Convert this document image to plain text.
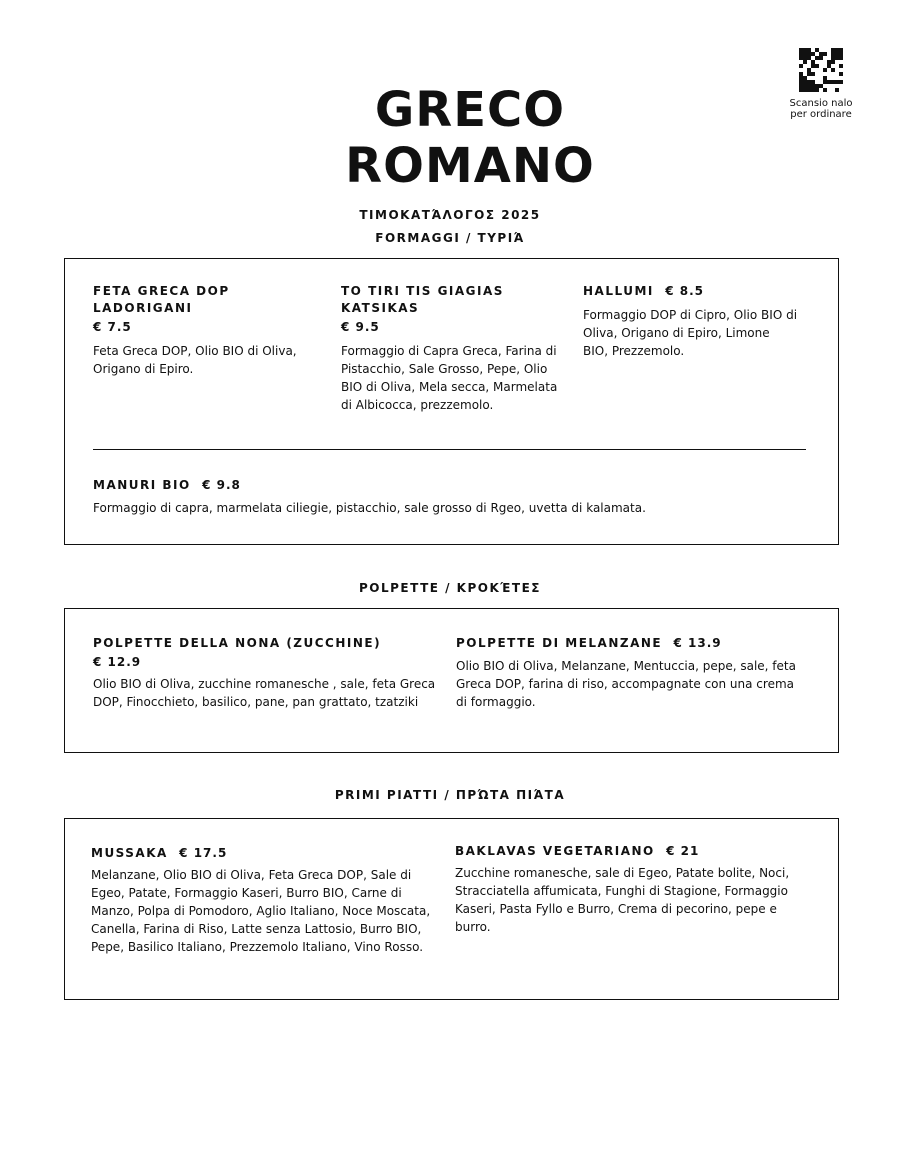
GRECO
ROMANO
Scansio nalo per ordinare
ΤΙΜΟΚΑΤΆΛΟΓΟΣ 2025
FORMAGGI / ΤΥΡΙΆ
FETA GRECA DOP LADORIGANI
€ 7.5
Feta Greca DOP, Olio BIO di Oliva, Origano di Epiro.
TO TIRI TIS GIAGIAS KATSIKAS
€ 9.5
Formaggio di Capra Greca, Farina di Pistacchio, Sale Grosso, Pepe, Olio BIO di Oliva, Mela secca, Marmelata di Albicocca, prezzemolo.
HALLUMI € 8.5
Formaggio DOP di Cipro, Olio BIO di Oliva, Origano di Epiro, Limone BIO, Prezzemolo.
MANURI BIO € 9.8
Formaggio di capra, marmelata ciliegie, pistacchio, sale grosso di Rgeo, uvetta di kalamata.
POLPETTE / ΚΡΟΚΈΤΕΣ
POLPETTE DELLA NONA (ZUCCHINE)
€ 12.9
Olio BIO di Oliva, zucchine romanesche , sale, feta Greca DOP, Finocchieto, basilico, pane, pan grattato, tzatziki
POLPETTE DI MELANZANE € 13.9
Olio BIO di Oliva, Melanzane, Mentuccia, pepe, sale, feta Greca DOP, farina di riso, accompagnate con una crema di formaggio.
PRIMI PIATTI / ΠΡΏΤΑ ΠΙΆΤΑ
MUSSAKA € 17.5
Melanzane, Olio BIO di Oliva, Feta Greca DOP, Sale di Egeo, Patate, Formaggio Kaseri, Burro BIO, Carne di Manzo, Polpa di Pomodoro, Aglio Italiano, Noce Moscata, Canella, Farina di Riso, Latte senza Lattosio, Burro BIO, Pepe, Basilico Italiano, Prezzemolo Italiano, Vino Rosso.
BAKLAVAS VEGETARIANO € 21
Zucchine romanesche, sale di Egeo, Patate bolite, Noci, Stracciatella affumicata, Funghi di Stagione, Formaggio Kaseri, Pasta Fyllo e Burro, Crema di pecorino, pepe e burro.
